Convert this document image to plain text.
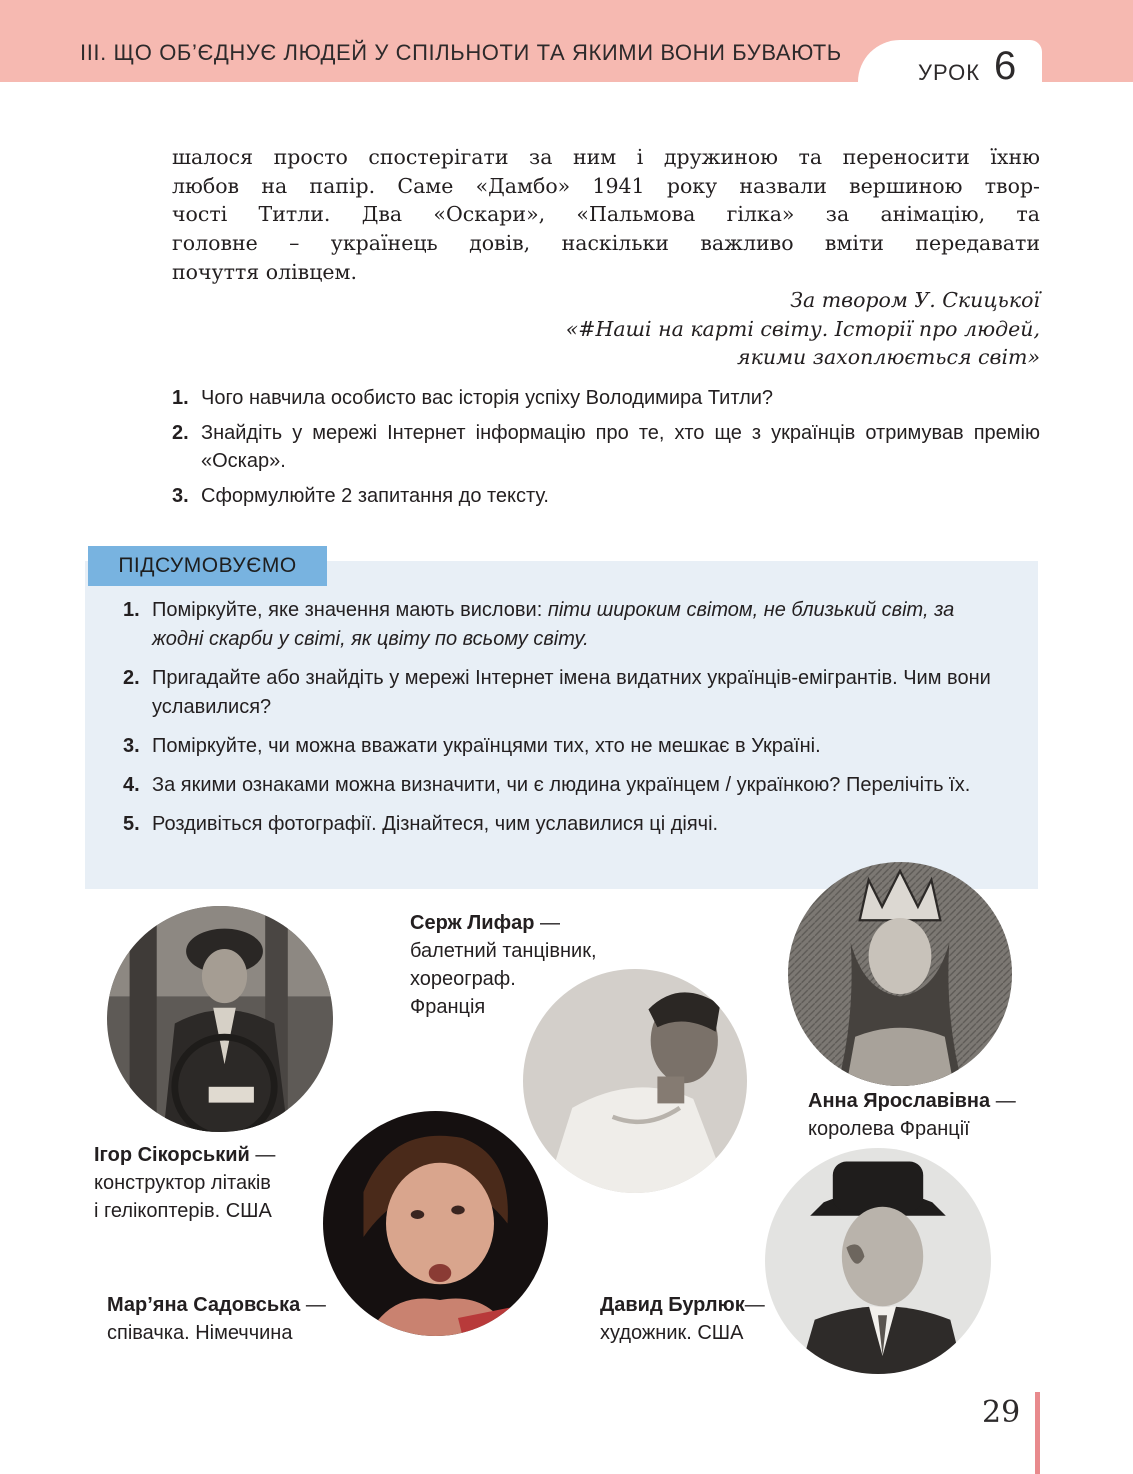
ІІІ. ЩО ОБ’ЄДНУЄ ЛЮДЕЙ У СПІЛЬНОТИ ТА ЯКИМИ ВОНИ БУВАЮТЬ
УРОК 6
шалося просто спостерігати за ним і дружиною та переносити їхню
любов на папір. Саме «Дамбо» 1941 року назвали вершиною твор-
чості Титли. Два «Оскари», «Пальмова гілка» за анімацію, та
головне – українець довів, наскільки важливо вміти передавати
почуття олівцем.
За твором У. Скицької
«#Наші на карті світу. Історії про людей,
якими захоплюється світ»
1. Чого навчила особисто вас історія успіху Володимира Титли?
2. Знайдіть у мережі Інтернет інформацію про те, хто ще з українців отримував премію «Оскар».
3. Сформулюйте 2 запитання до тексту.
ПІДСУМОВУЄМО
1. Поміркуйте, яке значення мають вислови: піти широким світом, не близький світ, за жодні скарби у світі, як цвіту по всьому світу.
2. Пригадайте або знайдіть у мережі Інтернет імена видатних українців-емігрантів. Чим вони уславилися?
3. Поміркуйте, чи можна вважати українцями тих, хто не мешкає в Україні.
4. За якими ознаками можна визначити, чи є людина українцем / українкою? Перелічіть їх.
5. Роздивіться фотографії. Дізнайтеся, чим уславилися ці діячі.
Ігор Сікорський —
конструктор літаків
і гелікоптерів. США
Серж Лифар —
балетний танцівник,
хореограф.
Франція
Анна Ярославівна —
королева Франції
Мар’яна Садовська —
співачка. Німеччина
Давид Бурлюк—
художник. США
29
